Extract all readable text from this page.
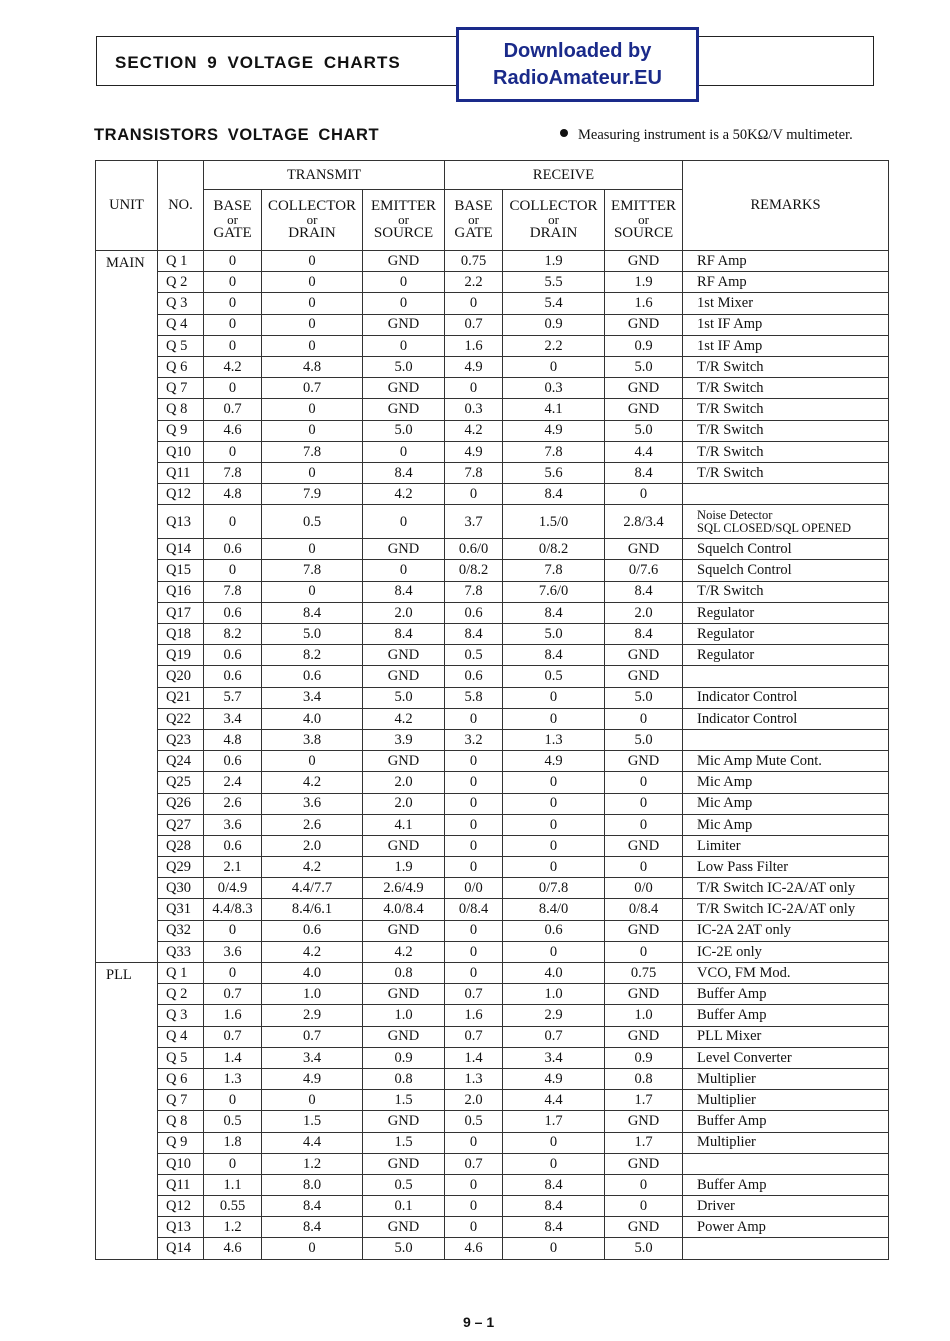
SECTION 9 VOLTAGE CHARTS
Downloaded by
RadioAmateur.EU
TRANSISTORS VOLTAGE CHART	Measuring instrument is a 50KΩ/V multimeter.
UNIT	NO.	TRANSMIT			RECEIVE			REMARKS
		BASE
or
GATE	COLLECTOR
or
DRAIN	EMITTER
or
SOURCE	BASE
or
GATE	COLLECTOR
or
DRAIN	EMITTER
or
SOURCE	
MAIN	Q 1	0	0	GND	0.75	1.9	GND	RF Amp
	Q 2	0	0	0	2.2	5.5	1.9	RF Amp
	Q 3	0	0	0	0	5.4	1.6	1st Mixer
	Q 4	0	0	GND	0.7	0.9	GND	1st IF Amp
	Q 5	0	0	0	1.6	2.2	0.9	1st IF Amp
	Q 6	4.2	4.8	5.0	4.9	0	5.0	T/R Switch
	Q 7	0	0.7	GND	0	0.3	GND	T/R Switch
	Q 8	0.7	0	GND	0.3	4.1	GND	T/R Switch
	Q 9	4.6	0	5.0	4.2	4.9	5.0	T/R Switch
	Q10	0	7.8	0	4.9	7.8	4.4	T/R Switch
	Q11	7.8	0	8.4	7.8	5.6	8.4	T/R Switch
	Q12	4.8	7.9	4.2	0	8.4	0	
	Q13	0	0.5	0	3.7	1.5/0	2.8/3.4	Noise Detector
SQL CLOSED/SQL OPENED

	Q14	0.6	0	GND	0.6/0	0/8.2	GND	Squelch Control
	Q15	0	7.8	0	0/8.2	7.8	0/7.6	Squelch Control
	Q16	7.8	0	8.4	7.8	7.6/0	8.4	T/R Switch
	Q17	0.6	8.4	2.0	0.6	8.4	2.0	Regulator
	Q18	8.2	5.0	8.4	8.4	5.0	8.4	Regulator
	Q19	0.6	8.2	GND	0.5	8.4	GND	Regulator
	Q20	0.6	0.6	GND	0.6	0.5	GND	
	Q21	5.7	3.4	5.0	5.8	0	5.0	Indicator Control
	Q22	3.4	4.0	4.2	0	0	0	Indicator Control
	Q23	4.8	3.8	3.9	3.2	1.3	5.0	
	Q24	0.6	0	GND	0	4.9	GND	Mic Amp Mute Cont.
	Q25	2.4	4.2	2.0	0	0	0	Mic Amp
	Q26	2.6	3.6	2.0	0	0	0	Mic Amp
	Q27	3.6	2.6	4.1	0	0	0	Mic Amp
	Q28	0.6	2.0	GND	0	0	GND	Limiter
	Q29	2.1	4.2	1.9	0	0	0	Low Pass Filter
	Q30	0/4.9	4.4/7.7	2.6/4.9	0/0	0/7.8	0/0	T/R Switch IC-2A/AT only
	Q31	4.4/8.3	8.4/6.1	4.0/8.4	0/8.4	8.4/0	0/8.4	T/R Switch IC-2A/AT only
	Q32	0	0.6	GND	0	0.6	GND	IC-2A 2AT only
	Q33	3.6	4.2	4.2	0	0	0	IC-2E only
PLL	Q 1	0	4.0	0.8	0	4.0	0.75	VCO, FM Mod.
	Q 2	0.7	1.0	GND	0.7	1.0	GND	Buffer Amp
	Q 3	1.6	2.9	1.0	1.6	2.9	1.0	Buffer Amp
	Q 4	0.7	0.7	GND	0.7	0.7	GND	PLL Mixer
	Q 5	1.4	3.4	0.9	1.4	3.4	0.9	Level Converter
	Q 6	1.3	4.9	0.8	1.3	4.9	0.8	Multiplier
	Q 7	0	0	1.5	2.0	4.4	1.7	Multiplier
	Q 8	0.5	1.5	GND	0.5	1.7	GND	Buffer Amp
	Q 9	1.8	4.4	1.5	0	0	1.7	Multiplier
	Q10	0	1.2	GND	0.7	0	GND	
	Q11	1.1	8.0	0.5	0	8.4	0	Buffer Amp
	Q12	0.55	8.4	0.1	0	8.4	0	Driver
	Q13	1.2	8.4	GND	0	8.4	GND	Power Amp
	Q14	4.6	0	5.0	4.6	0	5.0	
9 – 1
